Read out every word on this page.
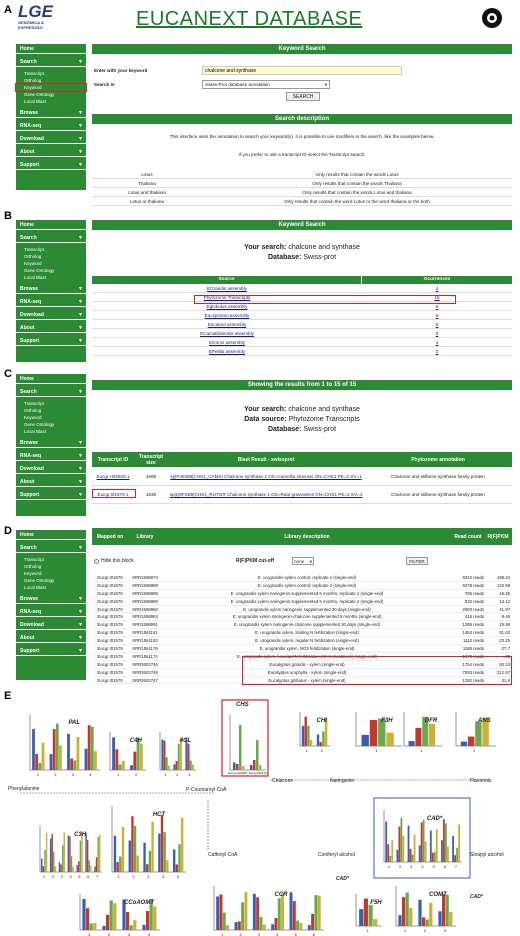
A
B
C
D
E
LGE
GENÔMICA &
EXPRESSÃO	EUCANEXT DATABASE
Home
Search	▼
Transcript
Ortholog
Keyword
Gene Ontology
Local Blast
Browse	▼
RNA-seq	▼
Download	▼
About	▼
Support	▼
Keyword Search
Enter with your keyword
chalcone and synthase
Search in	Swiss-Prot database annotation	▾
SEARCH
Search description
This interface uses the annotation to search your keyword(s). It is possible to use modifiers in the search, like the examples below.
If you prefer to use a transcript ID select the Transcript search.
Lotus	Only results that contain the words Lotus
Thaliana	Only results that contain the words Thaliana
Lotus and thaliana	Only results that contain the words Lotus and thaliana
Lotus or thaliana	Only results that contain the word Lotus or the word thaliana or the both
Home
Search	▼
Transcript
Ortholog
Keyword
Gene Ontology
Local Blast
Browse	▼
RNA-seq	▼
Download	▼
About	▼
Support	▼
Keyword Search
Your search: chalcone and synthase
Database: Swiss-prot
Source	Ocurrences
EGrandis assembly	4
Phytozome Transcripts	15
Eglobulus assembly	6
Eucspresso assembly	6
Eucatoul assembly	5
ECamaldulensis assembly	3
EGunni assembly	1
EPellita assembly	2
Home
Search	▼
Transcript
Ortholog
Keyword
Gene Ontology
Local Blast
Browse	▼
RNA-seq	▼
Download	▼
About	▼
Support	▼
Showing the results from 1 to 15 of 15
Your search: chalcone and synthase
Data source: Phytozome Transcripts
Database: Swiss-prot
Transcript ID	Transcript size	Blast Result - swissprot	Phytozome annotation
Eucgr.H02828.1	1668	sp|P48386|CHS1_CAMSI Chalcone synthase 1 OS=Camellia sinensis GN=CHS1 PE=2 SV=1	Chalcone and stilbene synthase family protein
Eucgr.I01579.1	1838	sp|Q9FSB9|CHS1_RUTGR Chalcone synthase 1 OS=Ruta graveolens GN=CHS1 PE=2 SV=1	Chalcone and stilbene synthase family protein
Home
Search	▼
Transcript
Ortholog
Keyword
Gene Ontology
Local Blast
Browse	▼
RNA-seq	▼
Download	▼
About	▼
Support	▼
Mapped on	Library	Library description	Read count	R(F)PKM
Hide this block	R(F)PKM cut-off	none ▾	FILTER
Eucgr.I01579	SRR1598974	E. urograndis xylem control; replicate 1 (single-end)	9312 reads	198.22
Eucgr.I01579	SRR1598989	E. urograndis xylem control; replicate 2 (single-end)	9278 reads	133.68
Eucgr.I01579	SRR1598985	E. urograndis xylem naringenin supplemented 5 months, replicate 1 (single-end)	785 reads	16.25
Eucgr.I01579	SRR1598990	E. urograndis xylem naringenin supplemented 5 months, replicate 2 (single-end)	832 reads	13.12
Eucgr.I01579	SRR1598992	E. urograndis xylem naringenin supplemented 30 days (single-end)	2083 reads	31.97
Eucgr.I01579	SRR1598984	E. urograndis xylem naringenin-chalcone supplemented 5 months (single-end)	415 reads	8.46
Eucgr.I01579	SRR1598991	E. urograndis xylem naringenin-chalcone supplemented 30 days (single-end)	1286 reads	15.98
Eucgr.I01579	SRR1561161	E. urograndis xylem, limiting N fertilization (single-end)	1484 reads	31.63
Eucgr.I01579	SRR1561153	E. urograndis xylem, regular N fertilization (single-end)	1112 reads	23.25
Eucgr.I01579	SRR1561176	E. urograndis xylem, NO3 fertilization (single-end)	1185 reads	27.7
Eucgr.I01579	SRR1561174	E. urograndis xylem, luxuriant N fertilization (NH4+treatment) (single-end)	1078 reads	25
Eucgr.I01579	SRR2602746	Eucalyptus grandis - xylem (single-end)	1754 reads	50.24
Eucgr.I01579	SRR2602748	Eucalyptus urophylla - xylem (single-end)	7093 reads	212.57
Eucgr.I01579	SRR2602747	Eucalyptus globulus - xylem (single-end)	1282 reads	31.6
1	2	3	4
PAL
1	2
C4H
1 2 3
4CL
CHS
Eucgr.H02828 Eucgr.I01579
1	2
CHI
1
F3H
1
DFR
1
ANS
Phenylalanine	P-Coumaroyl CoA
Chalcone	Naringenin	Flavonols
Caffeoyl CoA	Coniferyl alcohol	Sinapyl alcohol
1 2 3 4 5 6 7
C3H
1	2	3	4	5
HCT
1 2 3 4 5 6 7
CAD*
1	2	3	4
CCoAOMT
1	2	3	4	5	6
CCR
1
F5H
1	2	3
COMT
CAD*
CAD*
